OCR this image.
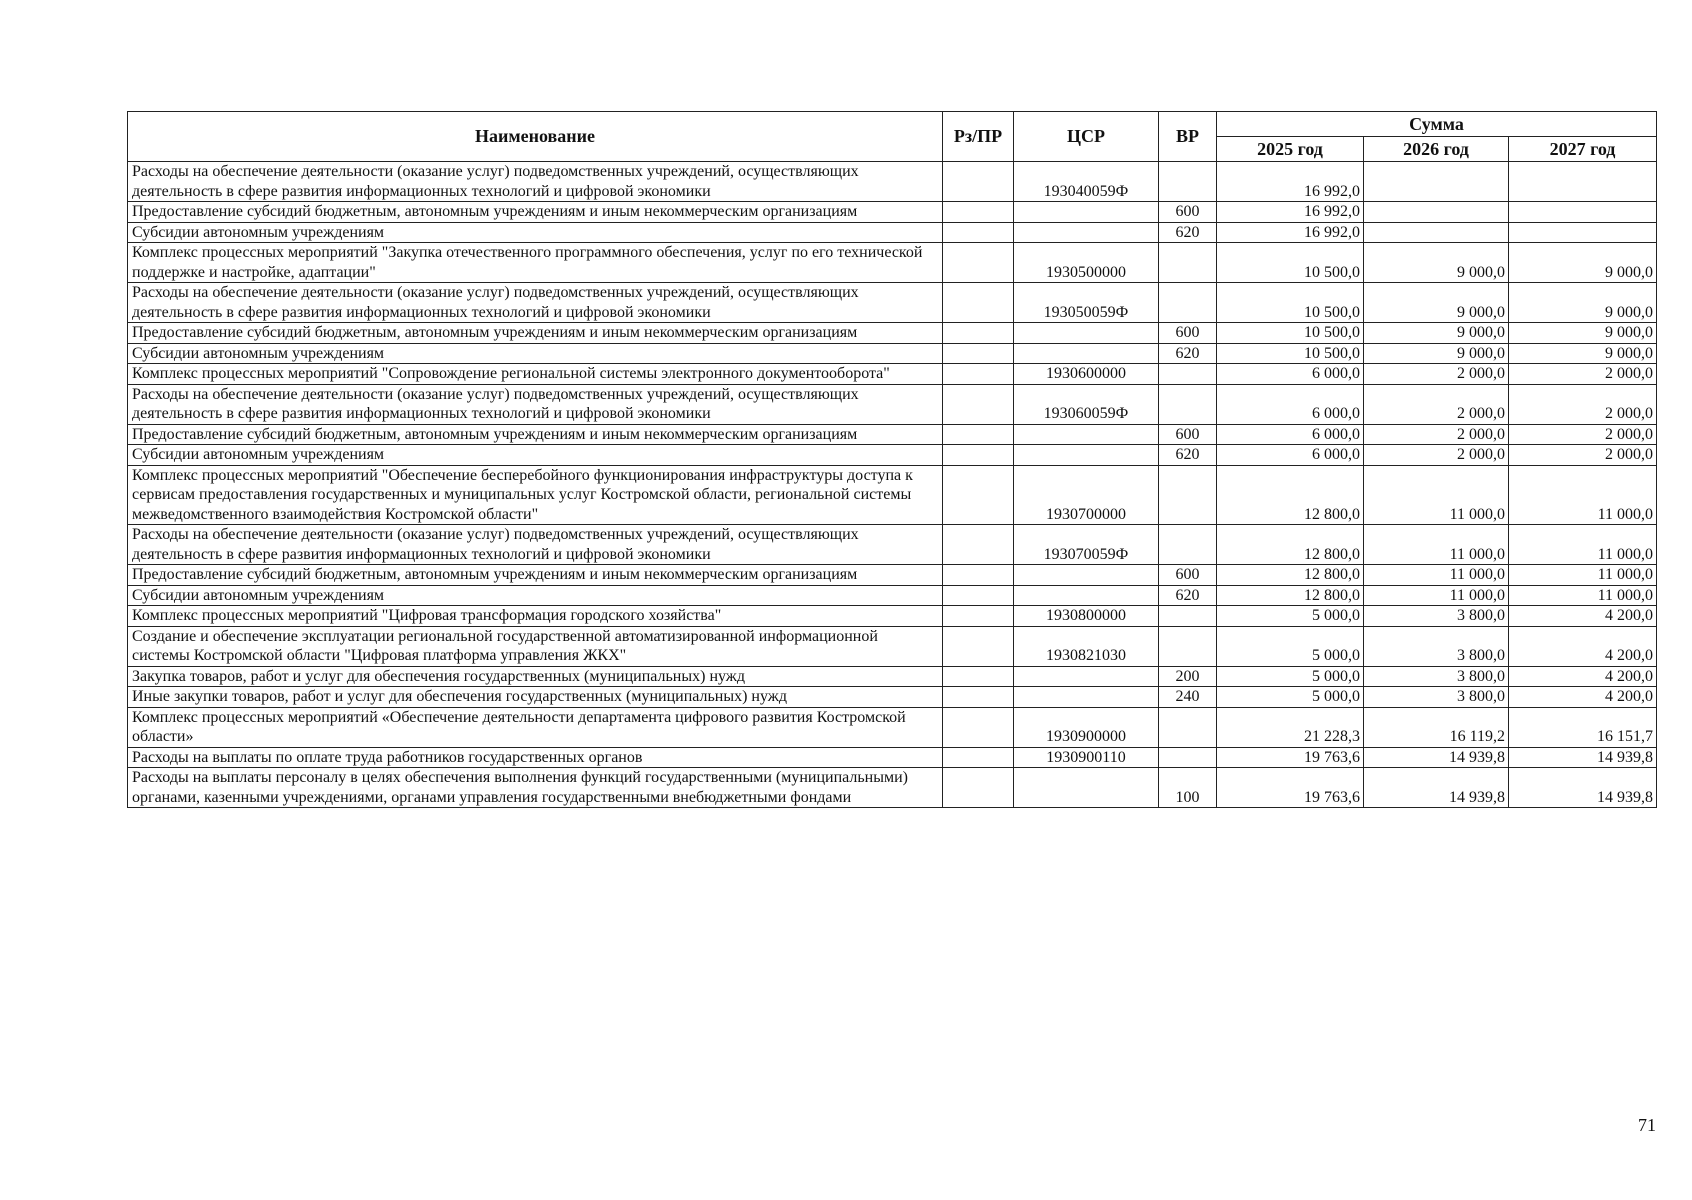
Наименование	Рз/ПР	ЦСР	ВР	Сумма		
				2025 год	2026 год	2027 год
Расходы на обеспечение деятельности (оказание услуг) подведомственных учреждений, осуществляющих деятельность в сфере развития информационных технологий и цифровой экономики		193040059Ф		16 992,0		
Предоставление субсидий бюджетным, автономным учреждениям и иным некоммерческим организациям			600	16 992,0		
Субсидии автономным учреждениям			620	16 992,0		
Комплекс процессных мероприятий "Закупка отечественного программного обеспечения, услуг по его технической поддержке и настройке, адаптации"		1930500000		10 500,0	9 000,0	9 000,0
Расходы на обеспечение деятельности (оказание услуг) подведомственных учреждений, осуществляющих деятельность в сфере развития информационных технологий и цифровой экономики		193050059Ф		10 500,0	9 000,0	9 000,0
Предоставление субсидий бюджетным, автономным учреждениям и иным некоммерческим организациям			600	10 500,0	9 000,0	9 000,0
Субсидии автономным учреждениям			620	10 500,0	9 000,0	9 000,0
Комплекс процессных мероприятий "Сопровождение региональной системы электронного документооборота"		1930600000		6 000,0	2 000,0	2 000,0
Расходы на обеспечение деятельности (оказание услуг) подведомственных учреждений, осуществляющих деятельность в сфере развития информационных технологий и цифровой экономики		193060059Ф		6 000,0	2 000,0	2 000,0
Предоставление субсидий бюджетным, автономным учреждениям и иным некоммерческим организациям			600	6 000,0	2 000,0	2 000,0
Субсидии автономным учреждениям			620	6 000,0	2 000,0	2 000,0
Комплекс процессных мероприятий "Обеспечение бесперебойного функционирования инфраструктуры доступа к сервисам предоставления государственных и муниципальных услуг Костромской области, региональной системы межведомственного взаимодействия Костромской области"		1930700000		12 800,0	11 000,0	11 000,0
Расходы на обеспечение деятельности (оказание услуг) подведомственных учреждений, осуществляющих деятельность в сфере развития информационных технологий и цифровой экономики		193070059Ф		12 800,0	11 000,0	11 000,0
Предоставление субсидий бюджетным, автономным учреждениям и иным некоммерческим организациям			600	12 800,0	11 000,0	11 000,0
Субсидии автономным учреждениям			620	12 800,0	11 000,0	11 000,0
Комплекс процессных мероприятий "Цифровая трансформация городского хозяйства"		1930800000		5 000,0	3 800,0	4 200,0
Создание и обеспечение эксплуатации региональной государственной автоматизированной информационной системы Костромской области "Цифровая платформа управления ЖКХ"		1930821030		5 000,0	3 800,0	4 200,0
Закупка товаров, работ и услуг для обеспечения государственных (муниципальных) нужд			200	5 000,0	3 800,0	4 200,0
Иные закупки товаров, работ и услуг для обеспечения государственных (муниципальных) нужд			240	5 000,0	3 800,0	4 200,0
Комплекс процессных мероприятий «Обеспечение деятельности департамента цифрового развития Костромской области»		1930900000		21 228,3	16 119,2	16 151,7
Расходы на выплаты по оплате труда работников государственных органов		1930900110		19 763,6	14 939,8	14 939,8
Расходы на выплаты персоналу в целях обеспечения выполнения функций государственными (муниципальными) органами, казенными учреждениями, органами управления государственными внебюджетными фондами			100	19 763,6	14 939,8	14 939,8
71
